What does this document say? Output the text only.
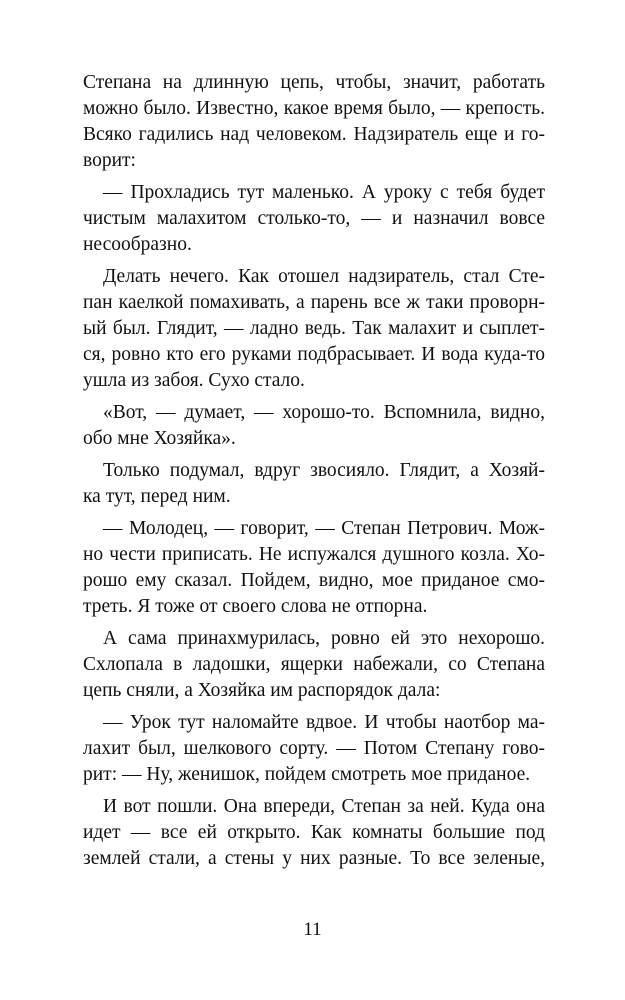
Степана на длинную цепь, чтобы, значит, работать
можно было. Известно, какое время было, — крепость.
Всяко гадились над человеком. Надзиратель еще и го-
ворит:
— Прохладись тут маленько. А уроку с тебя будет
чистым малахитом столько-то, — и назначил вовсе
несообразно.
Делать нечего. Как отошел надзиратель, стал Сте-
пан каелкой помахивать, а парень все ж таки проворн-
ый был. Глядит, — ладно ведь. Так малахит и сыплет-
ся, ровно кто его руками подбрасывает. И вода куда-то
ушла из забоя. Сухо стало.
«Вот, — думает, — хорошо-то. Вспомнила, видно,
обо мне Хозяйка».
Только подумал, вдруг звосияло. Глядит, а Хозяй-
ка тут, перед ним.
— Молодец, — говорит, — Степан Петрович. Мож-
но чести приписать. Не испужался душного козла. Хо-
рошо ему сказал. Пойдем, видно, мое приданое смо-
треть. Я тоже от своего слова не отпорна.
А сама принахмурилась, ровно ей это нехорошо.
Схлопала в ладошки, ящерки набежали, со Степана
цепь сняли, а Хозяйка им распорядок дала:
— Урок тут наломайте вдвое. И чтобы наотбор ма-
лахит был, шелкового сорту. — Потом Степану гово-
рит: — Ну, женишок, пойдем смотреть мое приданое.
И вот пошли. Она впереди, Степан за ней. Куда она
идет — все ей открыто. Как комнаты большие под
землей стали, а стены у них разные. То все зеленые,
11
